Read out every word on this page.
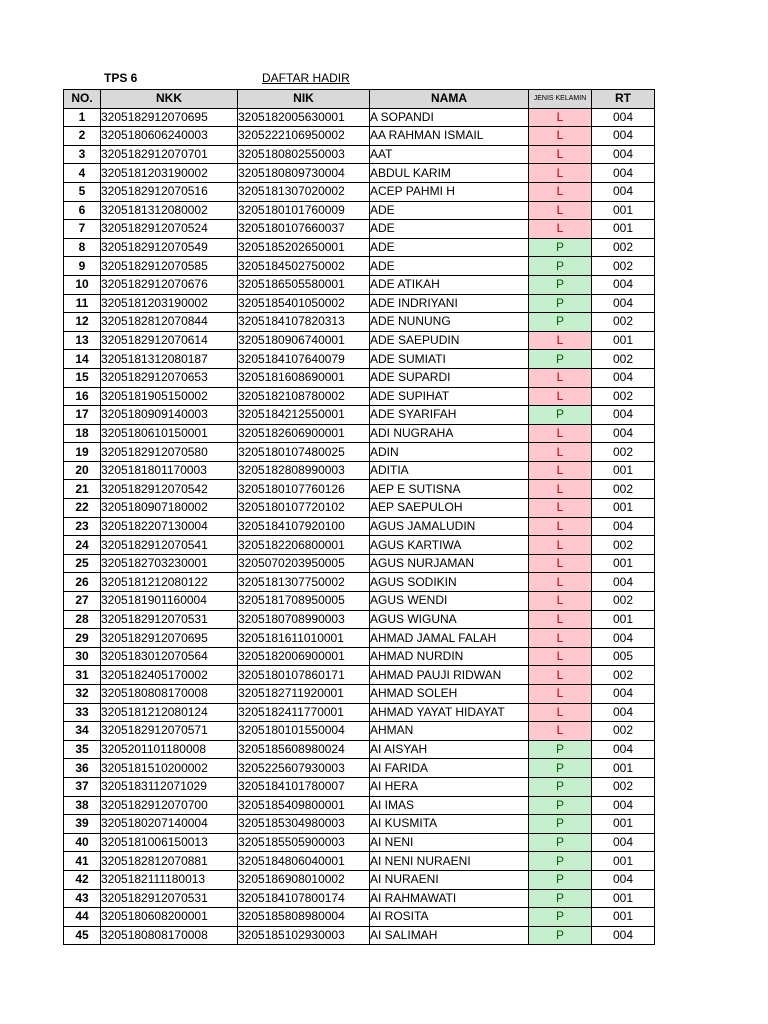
TPS 6	DAFTAR HADIR
NO.	NKK	NIK	NAMA	JENIS KELAMIN	RT
1	3205182912070695	3205182005630001	A SOPANDI	L	004
2	3205180606240003	3205222106950002	AA RAHMAN ISMAIL	L	004
3	3205182912070701	3205180802550003	AAT	L	004
4	3205181203190002	3205180809730004	ABDUL KARIM	L	004
5	3205182912070516	3205181307020002	ACEP PAHMI H	L	004
6	3205181312080002	3205180101760009	ADE	L	001
7	3205182912070524	3205180107660037	ADE	L	001
8	3205182912070549	3205185202650001	ADE	P	002
9	3205182912070585	3205184502750002	ADE	P	002
10	3205182912070676	3205186505580001	ADE ATIKAH	P	004
11	3205181203190002	3205185401050002	ADE INDRIYANI	P	004
12	3205182812070844	3205184107820313	ADE NUNUNG	P	002
13	3205182912070614	3205180906740001	ADE SAEPUDIN	L	001
14	3205181312080187	3205184107640079	ADE SUMIATI	P	002
15	3205182912070653	3205181608690001	ADE SUPARDI	L	004
16	3205181905150002	3205182108780002	ADE SUPIHAT	L	002
17	3205180909140003	3205184212550001	ADE SYARIFAH	P	004
18	3205180610150001	3205182606900001	ADI NUGRAHA	L	004
19	3205182912070580	3205180107480025	ADIN	L	002
20	3205181801170003	3205182808990003	ADITIA	L	001
21	3205182912070542	3205180107760126	AEP E SUTISNA	L	002
22	3205180907180002	3205180107720102	AEP SAEPULOH	L	001
23	3205182207130004	3205184107920100	AGUS JAMALUDIN	L	004
24	3205182912070541	3205182206800001	AGUS KARTIWA	L	002
25	3205182703230001	3205070203950005	AGUS NURJAMAN	L	001
26	3205181212080122	3205181307750002	AGUS SODIKIN	L	004
27	3205181901160004	3205181708950005	AGUS WENDI	L	002
28	3205182912070531	3205180708990003	AGUS WIGUNA	L	001
29	3205182912070695	3205181611010001	AHMAD JAMAL FALAH	L	004
30	3205183012070564	3205182006900001	AHMAD NURDIN	L	005
31	3205182405170002	3205180107860171	AHMAD PAUJI RIDWAN	L	002
32	3205180808170008	3205182711920001	AHMAD SOLEH	L	004
33	3205181212080124	3205182411770001	AHMAD YAYAT HIDAYAT	L	004
34	3205182912070571	3205180101550004	AHMAN	L	002
35	3205201101180008	3205185608980024	AI AISYAH	P	004
36	3205181510200002	3205225607930003	AI FARIDA	P	001
37	3205183112071029	3205184101780007	AI HERA	P	002
38	3205182912070700	3205185409800001	AI IMAS	P	004
39	3205180207140004	3205185304980003	AI KUSMITA	P	001
40	3205181006150013	3205185505900003	AI NENI	P	004
41	3205182812070881	3205184806040001	AI NENI NURAENI	P	001
42	3205182111180013	3205186908010002	AI NURAENI	P	004
43	3205182912070531	3205184107800174	AI RAHMAWATI	P	001
44	3205180608200001	3205185808980004	AI ROSITA	P	001
45	3205180808170008	3205185102930003	AI SALIMAH	P	004
